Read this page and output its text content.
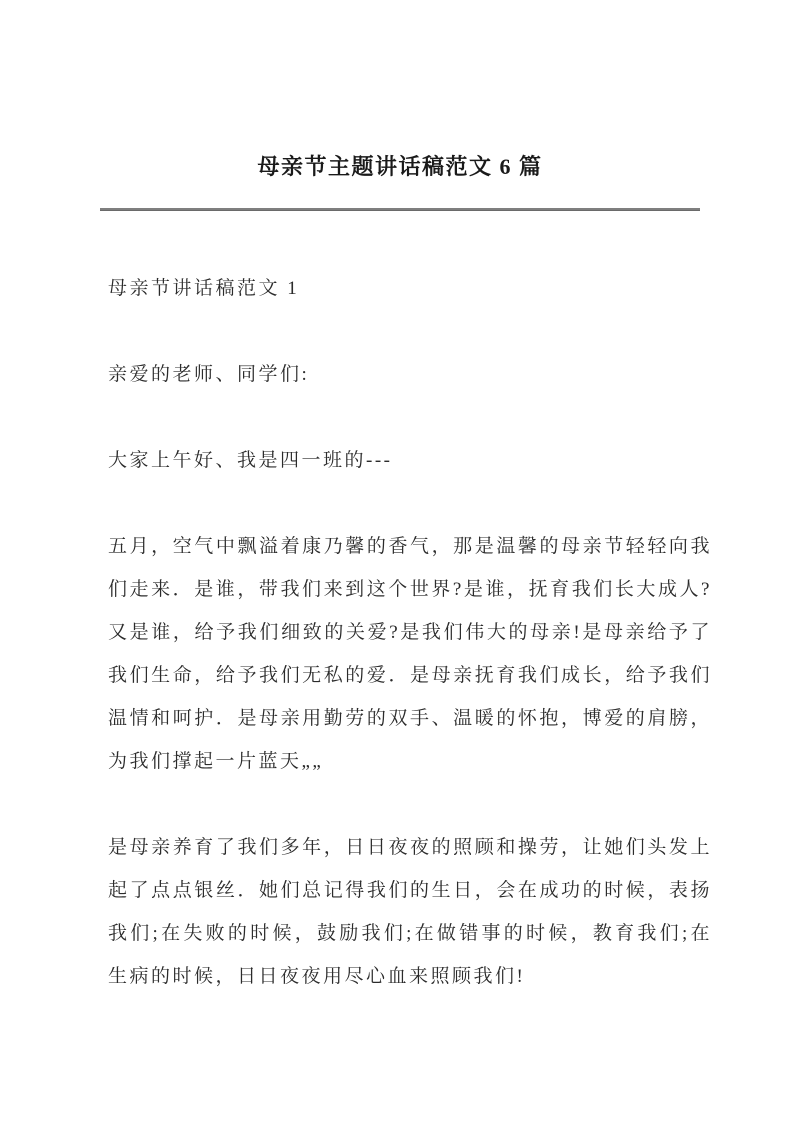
母亲节主题讲话稿范文 6 篇

母亲节讲话稿范文 1

亲爱的老师、同学们:

大家上午好、我是四一班的---

五月，空气中飘溢着康乃馨的香气，那是温馨的母亲节轻轻向我

们走来．是谁，带我们来到这个世界?是谁，抚育我们长大成人?

又是谁，给予我们细致的关爱?是我们伟大的母亲!是母亲给予了

我们生命，给予我们无私的爱．是母亲抚育我们成长，给予我们

温情和呵护．是母亲用勤劳的双手、温暖的怀抱，博爱的肩膀，

为我们撑起一片蓝天„„

是母亲养育了我们多年，日日夜夜的照顾和操劳，让她们头发上

起了点点银丝．她们总记得我们的生日，会在成功的时候，表扬

我们;在失败的时候，鼓励我们;在做错事的时候，教育我们;在

生病的时候，日日夜夜用尽心血来照顾我们!
